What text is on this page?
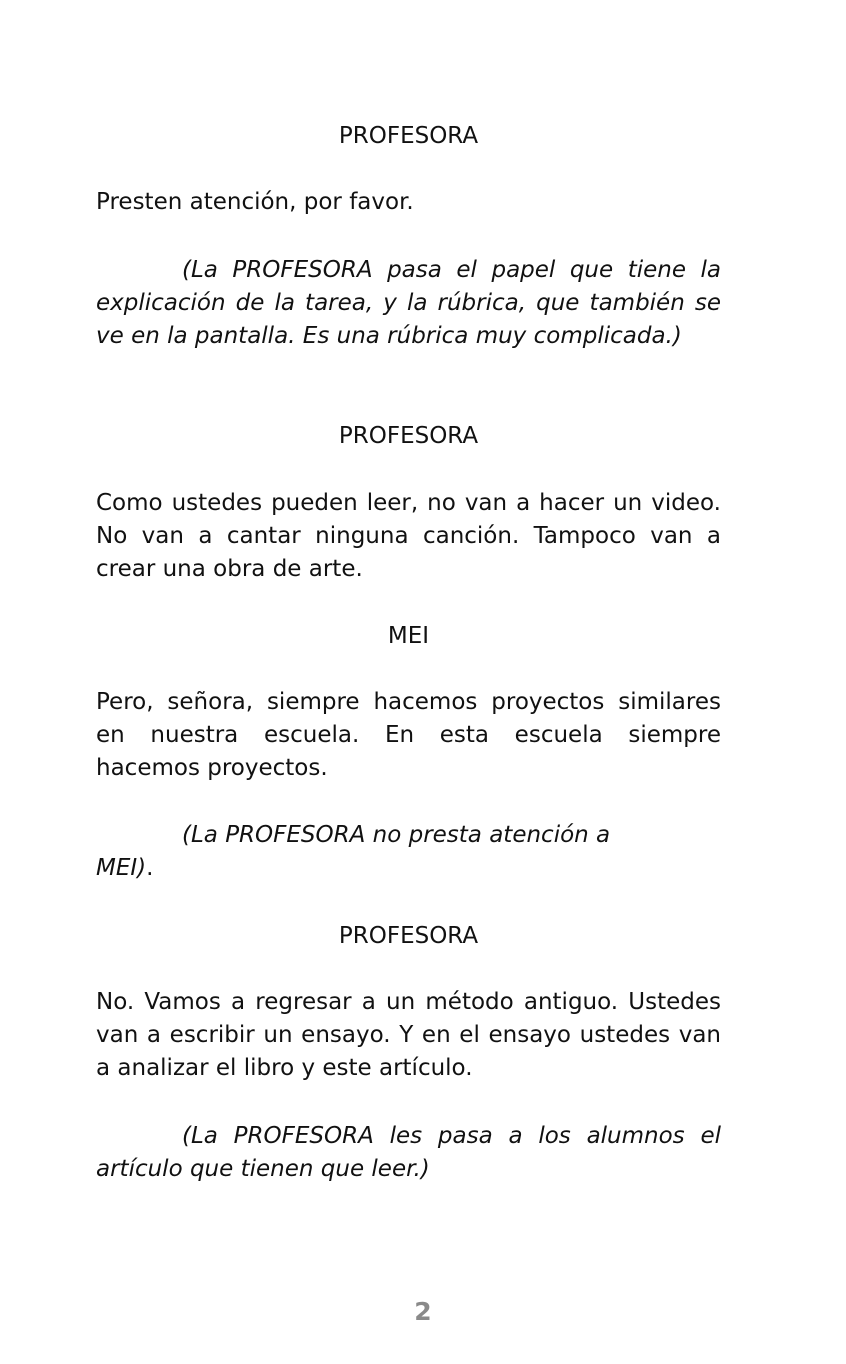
PROFESORA

Presten atención, por favor.

(La PROFESORA pasa el papel que tiene la explicación de la tarea, y la rúbrica, que también se ve en la pantalla. Es una rúbrica muy complicada.)

PROFESORA

Como ustedes pueden leer, no van a hacer un video. No van a cantar ninguna canción. Tampoco van a crear una obra de arte.

MEI

Pero, señora, siempre hacemos proyectos similares en nuestra escuela. En esta escuela siempre hacemos proyectos.

(La PROFESORA no presta atención a MEI).

PROFESORA

No. Vamos a regresar a un método antiguo. Ustedes van a escribir un ensayo. Y en el ensayo ustedes van a analizar el libro y este artículo.

(La PROFESORA les pasa a los alumnos el artículo que tienen que leer.)

2
